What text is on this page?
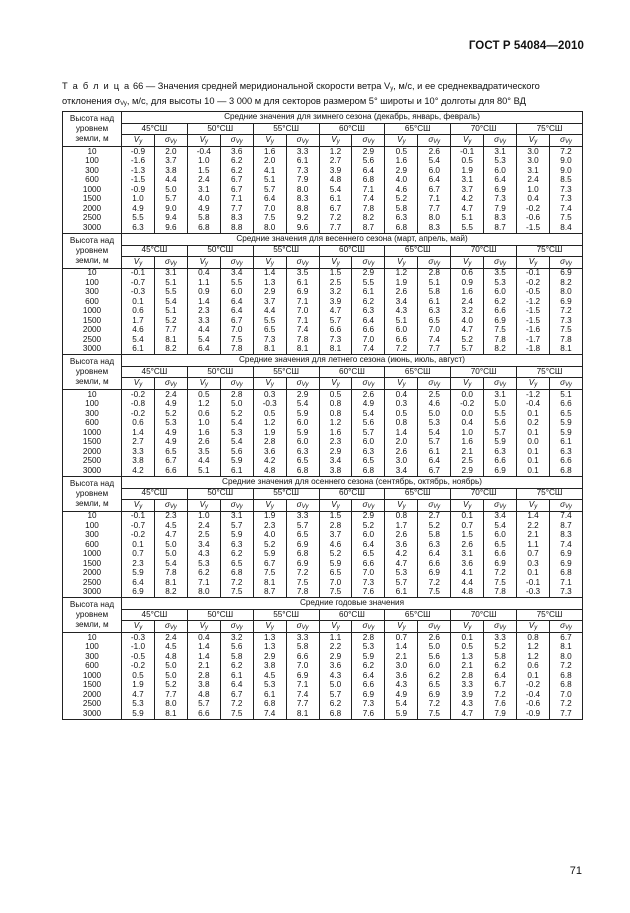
ГОСТ Р 54084—2010
Т а б л и ц а 66 — Значения средней меридиональной скорости ветра $V_y$, м/с, и ее среднеквадратического отклонения $\sigma_{Vy}$, м/с, для высоты 10 — 3 000 м для секторов размером 5° широты и 10° долготы для 80° ВД
Высота над уровнем земли, м	Средние значения для зимнего сезона (декабрь, январь, февраль)													
	45°СШ		50°СШ		55°СШ		60°СШ		65°СШ		70°СШ		75°СШ	
	$V_y$	$\sigma_{Vy}$	$V_y$	$\sigma_{Vy}$	$V_y$	$\sigma_{Vy}$	$V_y$	$\sigma_{Vy}$	$V_y$	$\sigma_{Vy}$	$V_y$	$\sigma_{Vy}$	$V_y$	$\sigma_{Vy}$
10	-0.9	2.0	-0.4	3.6	1.6	3.3	1.2	2.9	0.5	2.6	-0.1	3.1	3.0	7.2
100	-1.6	3.7	1.0	6.2	2.0	6.1	2.7	5.6	1.6	5.4	0.5	5.3	3.0	9.0
300	-1.3	3.8	1.5	6.2	4.1	7.3	3.9	6.4	2.9	6.0	1.9	6.0	3.1	9.0
600	-1.5	4.4	2.4	6.7	5.1	7.9	4.8	6.8	4.0	6.4	3.1	6.4	2.4	8.5
1000	-0.9	5.0	3.1	6.7	5.7	8.0	5.4	7.1	4.6	6.7	3.7	6.9	1.0	7.3
1500	1.0	5.7	4.0	7.1	6.4	8.3	6.1	7.4	5.2	7.1	4.2	7.3	0.4	7.3
2000	4.9	9.0	4.9	7.7	7.0	8.8	6.7	7.8	5.8	7.7	4.7	7.9	-0.2	7.4
2500	5.5	9.4	5.8	8.3	7.5	9.2	7.2	8.2	6.3	8.0	5.1	8.3	-0.6	7.5
3000	6.3	9.6	6.8	8.8	8.0	9.6	7.7	8.7	6.8	8.3	5.5	8.7	-1.5	8.4
Высота над уровнем земли, м	Средние значения для весеннего сезона (март, апрель, май)													
	45°СШ		50°СШ		55°СШ		60°СШ		65°СШ		70°СШ		75°СШ	
	$V_y$	$\sigma_{Vy}$	$V_y$	$\sigma_{Vy}$	$V_y$	$\sigma_{Vy}$	$V_y$	$\sigma_{Vy}$	$V_y$	$\sigma_{Vy}$	$V_y$	$\sigma_{Vy}$	$V_y$	$\sigma_{Vy}$
10	-0.1	3.1	0.4	3.4	1.4	3.5	1.5	2.9	1.2	2.8	0.6	3.5	-0.1	6.9
100	-0.7	5.1	1.1	5.5	1.3	6.1	2.5	5.5	1.9	5.1	0.9	5.3	-0.2	8.2
300	-0.3	5.5	0.9	6.0	2.9	6.9	3.2	6.1	2.6	5.8	1.6	6.0	-0.5	8.0
600	0.1	5.4	1.4	6.4	3.7	7.1	3.9	6.2	3.4	6.1	2.4	6.2	-1.2	6.9
1000	0.6	5.1	2.3	6.4	4.4	7.0	4.7	6.3	4.3	6.3	3.2	6.6	-1.5	7.2
1500	1.7	5.2	3.3	6.7	5.5	7.1	5.7	6.4	5.1	6.5	4.0	6.9	-1.5	7.3
2000	4.6	7.7	4.4	7.0	6.5	7.4	6.6	6.6	6.0	7.0	4.7	7.5	-1.6	7.5
2500	5.4	8.1	5.4	7.5	7.3	7.8	7.3	7.0	6.6	7.4	5.2	7.8	-1.7	7.8
3000	6.1	8.2	6.4	7.8	8.1	8.1	8.1	7.4	7.2	7.7	5.7	8.2	-1.8	8.1
Высота над уровнем земли, м	Средние значения для летнего сезона (июнь, июль, август)													
	45°СШ		50°СШ		55°СШ		60°СШ		65°СШ		70°СШ		75°СШ	
	$V_y$	$\sigma_{Vy}$	$V_y$	$\sigma_{Vy}$	$V_y$	$\sigma_{Vy}$	$V_y$	$\sigma_{Vy}$	$V_y$	$\sigma_{Vy}$	$V_y$	$\sigma_{Vy}$	$V_y$	$\sigma_{Vy}$
10	-0.2	2.4	0.5	2.8	0.3	2.9	0.5	2.6	0.4	2.5	0.0	3.1	-1.2	5.1
100	-0.8	4.9	1.2	5.0	-0.3	5.4	0.8	4.9	0.3	4.6	-0.2	5.0	-0.4	6.6
300	-0.2	5.2	0.6	5.2	0.5	5.9	0.8	5.4	0.5	5.0	0.0	5.5	0.1	6.5
600	0.6	5.3	1.0	5.4	1.2	6.0	1.2	5.6	0.8	5.3	0.4	5.6	0.2	5.9
1000	1.4	4.9	1.6	5.3	1.9	5.9	1.6	5.7	1.4	5.4	1.0	5.7	0.1	5.9
1500	2.7	4.9	2.6	5.4	2.8	6.0	2.3	6.0	2.0	5.7	1.6	5.9	0.0	6.1
2000	3.3	6.5	3.5	5.6	3.6	6.3	2.9	6.3	2.6	6.1	2.1	6.3	0.1	6.3
2500	3.8	6.7	4.4	5.9	4.2	6.5	3.4	6.5	3.0	6.4	2.5	6.6	0.1	6.6
3000	4.2	6.6	5.1	6.1	4.8	6.8	3.8	6.8	3.4	6.7	2.9	6.9	0.1	6.8
Высота над уровнем земли, м	Средние значения для осеннего сезона (сентябрь, октябрь, ноябрь)													
	45°СШ		50°СШ		55°СШ		60°СШ		65°СШ		70°СШ		75°СШ	
	$V_y$	$\sigma_{Vy}$	$V_y$	$\sigma_{Vy}$	$V_y$	$\sigma_{Vy}$	$V_y$	$\sigma_{Vy}$	$V_y$	$\sigma_{Vy}$	$V_y$	$\sigma_{Vy}$	$V_y$	$\sigma_{Vy}$
10	-0.1	2.3	1.0	3.1	1.9	3.3	1.5	2.9	0.8	2.7	0.1	3.4	1.4	7.4
100	-0.7	4.5	2.4	5.7	2.3	5.7	2.8	5.2	1.7	5.2	0.7	5.4	2.2	8.7
300	-0.2	4.7	2.5	5.9	4.0	6.5	3.7	6.0	2.6	5.8	1.5	6.0	2.1	8.3
600	0.1	5.0	3.4	6.3	5.2	6.9	4.6	6.4	3.6	6.3	2.6	6.5	1.1	7.4
1000	0.7	5.0	4.3	6.2	5.9	6.8	5.2	6.5	4.2	6.4	3.1	6.6	0.7	6.9
1500	2.3	5.4	5.3	6.5	6.7	6.9	5.9	6.6	4.7	6.6	3.6	6.9	0.3	6.9
2000	5.9	7.8	6.2	6.8	7.5	7.2	6.5	7.0	5.3	6.9	4.1	7.2	0.1	6.8
2500	6.4	8.1	7.1	7.2	8.1	7.5	7.0	7.3	5.7	7.2	4.4	7.5	-0.1	7.1
3000	6.9	8.2	8.0	7.5	8.7	7.8	7.5	7.6	6.1	7.5	4.8	7.8	-0.3	7.3
Высота над уровнем земли, м	Средние годовые значения													
	45°СШ		50°СШ		55°СШ		60°СШ		65°СШ		70°СШ		75°СШ	
	$V_y$	$\sigma_{Vy}$	$V_y$	$\sigma_{Vy}$	$V_y$	$\sigma_{Vy}$	$V_y$	$\sigma_{Vy}$	$V_y$	$\sigma_{Vy}$	$V_y$	$\sigma_{Vy}$	$V_y$	$\sigma_{Vy}$
10	-0.3	2.4	0.4	3.2	1.3	3.3	1.1	2.8	0.7	2.6	0.1	3.3	0.8	6.7
100	-1.0	4.5	1.4	5.6	1.3	5.8	2.2	5.3	1.4	5.0	0.5	5.2	1.2	8.1
300	-0.5	4.8	1.4	5.8	2.9	6.6	2.9	5.9	2.1	5.6	1.3	5.8	1.2	8.0
600	-0.2	5.0	2.1	6.2	3.8	7.0	3.6	6.2	3.0	6.0	2.1	6.2	0.6	7.2
1000	0.5	5.0	2.8	6.1	4.5	6.9	4.3	6.4	3.6	6.2	2.8	6.4	0.1	6.8
1500	1.9	5.2	3.8	6.4	5.3	7.1	5.0	6.6	4.3	6.5	3.3	6.7	-0.2	6.8
2000	4.7	7.7	4.8	6.7	6.1	7.4	5.7	6.9	4.9	6.9	3.9	7.2	-0.4	7.0
2500	5.3	8.0	5.7	7.2	6.8	7.7	6.2	7.3	5.4	7.2	4.3	7.6	-0.6	7.2
3000	5.9	8.1	6.6	7.5	7.4	8.1	6.8	7.6	5.9	7.5	4.7	7.9	-0.9	7.7
71
